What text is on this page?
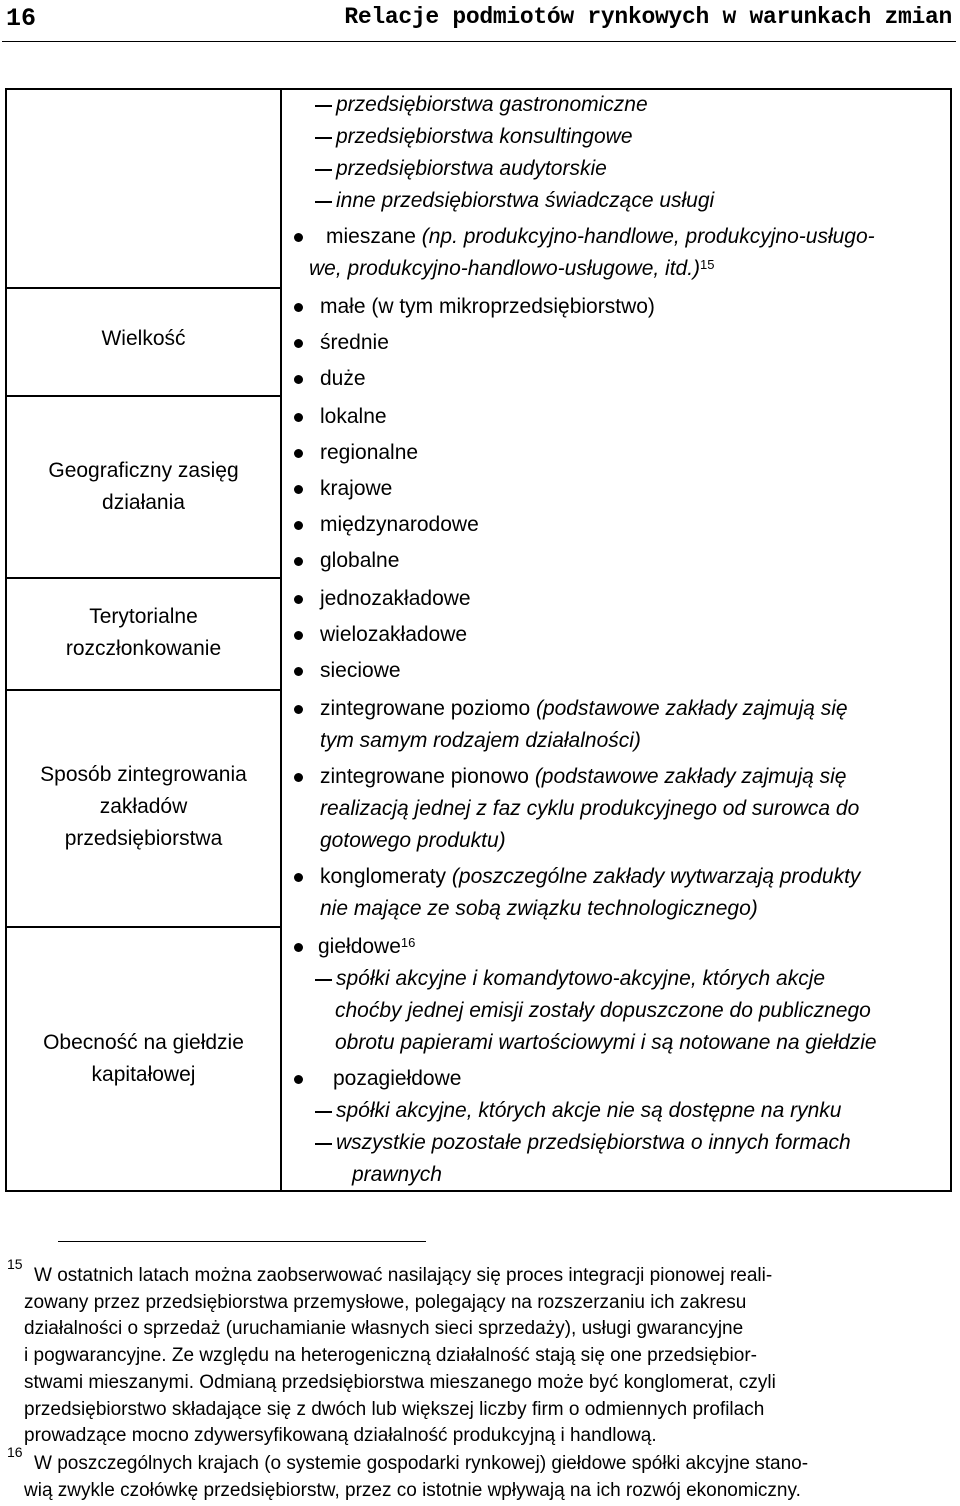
16	Relacje podmiotów rynkowych w warunkach zmian
Wielkość
Geograficzny zasięg
działania
Terytorialne
rozczłonkowanie
Sposób zintegrowania
zakładów
przedsiębiorstwa
Obecność na giełdzie
kapitałowej
przedsiębiorstwa gastronomiczne
przedsiębiorstwa konsultingowe
przedsiębiorstwa audytorskie
inne przedsiębiorstwa świadczące usługi
mieszane (np. produkcyjno-handlowe, produkcyjno-usługo-
we, produkcyjno-handlowo-usługowe, itd.)$^{15}$
małe (w tym mikroprzedsiębiorstwo)
średnie
duże
lokalne
regionalne
krajowe
międzynarodowe
globalne
jednozakładowe
wielozakładowe
sieciowe
zintegrowane poziomo (podstawowe zakłady zajmują się
tym samym rodzajem działalności)
zintegrowane pionowo (podstawowe zakłady zajmują się
realizacją jednej z faz cyklu produkcyjnego od surowca do
gotowego produktu)
konglomeraty (poszczególne zakłady wytwarzają produkty
nie mające ze sobą związku technologicznego)
giełdowe$^{16}$
spółki akcyjne i komandytowo-akcyjne, których akcje
choćby jednej emisji zostały dopuszczone do publicznego
obrotu papierami wartościowymi i są notowane na giełdzie
pozagiełdowe
spółki akcyjne, których akcje nie są dostępne na rynku
wszystkie pozostałe przedsiębiorstwa o innych formach
prawnych
15
W ostatnich latach można zaobserwować nasilający się proces integracji pionowej reali-
zowany przez przedsiębiorstwa przemysłowe, polegający na rozszerzaniu ich zakresu
działalności o sprzedaż (uruchamianie własnych sieci sprzedaży), usługi gwarancyjne
i pogwarancyjne. Ze względu na heterogeniczną działalność stają się one przedsiębior-
stwami mieszanymi. Odmianą przedsiębiorstwa mieszanego może być konglomerat, czyli
przedsiębiorstwo składające się z dwóch lub większej liczby firm o odmiennych profilach
prowadzące mocno zdywersyfikowaną działalność produkcyjną i handlową.
16
W poszczególnych krajach (o systemie gospodarki rynkowej) giełdowe spółki akcyjne stano-
wią zwykle czołówkę przedsiębiorstw, przez co istotnie wpływają na ich rozwój ekonomiczny.
